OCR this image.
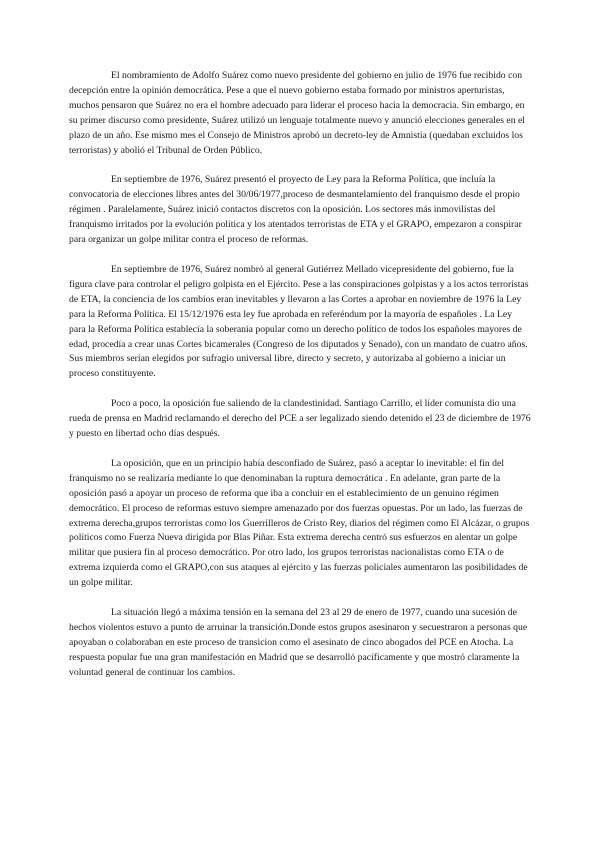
El nombramiento de Adolfo Suárez como nuevo presidente del gobierno en julio de 1976 fue recibido con decepción entre la opinión democrática. Pese a que el nuevo gobierno estaba formado por ministros aperturistas, muchos pensaron que Suárez no era el hombre adecuado para liderar el proceso hacia la democracia. Sin embargo, en su primer discurso como presidente, Suárez utilizó un lenguaje totalmente nuevo y anunció elecciones generales en el plazo de un año. Ese mismo mes el Consejo de Ministros aprobó un decreto-ley de Amnistía (quedaban excluidos los terroristas) y abolió el Tribunal de Orden Público.

En septiembre de 1976, Suárez presentó el proyecto de Ley para la Reforma Política, que incluía la convocatoria de elecciones libres antes del 30/06/1977,proceso de desmantelamiento del franquismo desde el propio régimen . Paralelamente, Suárez inició contactos discretos con la oposición. Los sectores más inmovilistas del franquismo irritados por la evolución política y los atentados terroristas de ETA y el GRAPO, empezaron a conspirar para organizar un golpe militar contra el proceso de reformas.

En septiembre de 1976, Suárez nombró al general Gutiérrez Mellado vicepresidente del gobierno, fue la figura clave para controlar el peligro golpista en el Ejército. Pese a las conspiraciones golpistas y a los actos terroristas de ETA, la conciencia de los cambios eran inevitables y llevaron a las Cortes a aprobar en noviembre de 1976 la Ley para la Reforma Política. El 15/12/1976 esta ley fue aprobada en referéndum por la mayoría de españoles . La Ley para la Reforma Política establecía la soberanía popular como un derecho político de todos los españoles mayores de edad, procedía a crear unas Cortes bicamerales (Congreso de los diputados y Senado), con un mandato de cuatro años. Sus miembros serían elegidos por sufragio universal libre, directo y secreto, y autorizaba al gobierno a iniciar un proceso constituyente.

Poco a poco, la oposición fue saliendo de la clandestinidad. Santiago Carrillo, el líder comunista dio una rueda de prensa en Madrid reclamando el derecho del PCE a ser legalizado siendo detenido el 23 de diciembre de 1976 y puesto en libertad ocho días después.

La oposición, que en un principio había desconfiado de Suárez, pasó a aceptar lo inevitable: el fin del franquismo no se realizaría mediante lo que denominaban la ruptura democrática . En adelante, gran parte de la oposición pasó a apoyar un proceso de reforma que iba a concluir en el establecimiento de un genuino régimen democrático. El proceso de reformas estuvo siempre amenazado por dos fuerzas opuestas. Por un lado, las fuerzas de extrema derecha,grupos terroristas como los Guerrilleros de Cristo Rey, diarios del régimen como El Alcázar, o grupos políticos como Fuerza Nueva dirigida por Blas Piñar. Esta extrema derecha centró sus esfuerzos en alentar un golpe militar que pusiera fin al proceso democrático. Por otro lado, los grupos terroristas nacionalistas como ETA o de extrema izquierda como el GRAPO,con sus ataques al ejército y las fuerzas policiales aumentaron las posibilidades de un golpe militar.

La situación llegó a máxima tensión en la semana del 23 al 29 de enero de 1977, cuando una sucesión de hechos violentos estuvo a punto de arruinar la transición.Donde estos grupos asesinaron y secuestraron a personas que apoyaban o colaboraban en este proceso de transicion como el asesinato de cinco abogados del PCE en Atocha. La respuesta popular fue una gran manifestación en Madrid que se desarrolló pacíficamente y que mostró claramente la voluntad general de continuar los cambios.
